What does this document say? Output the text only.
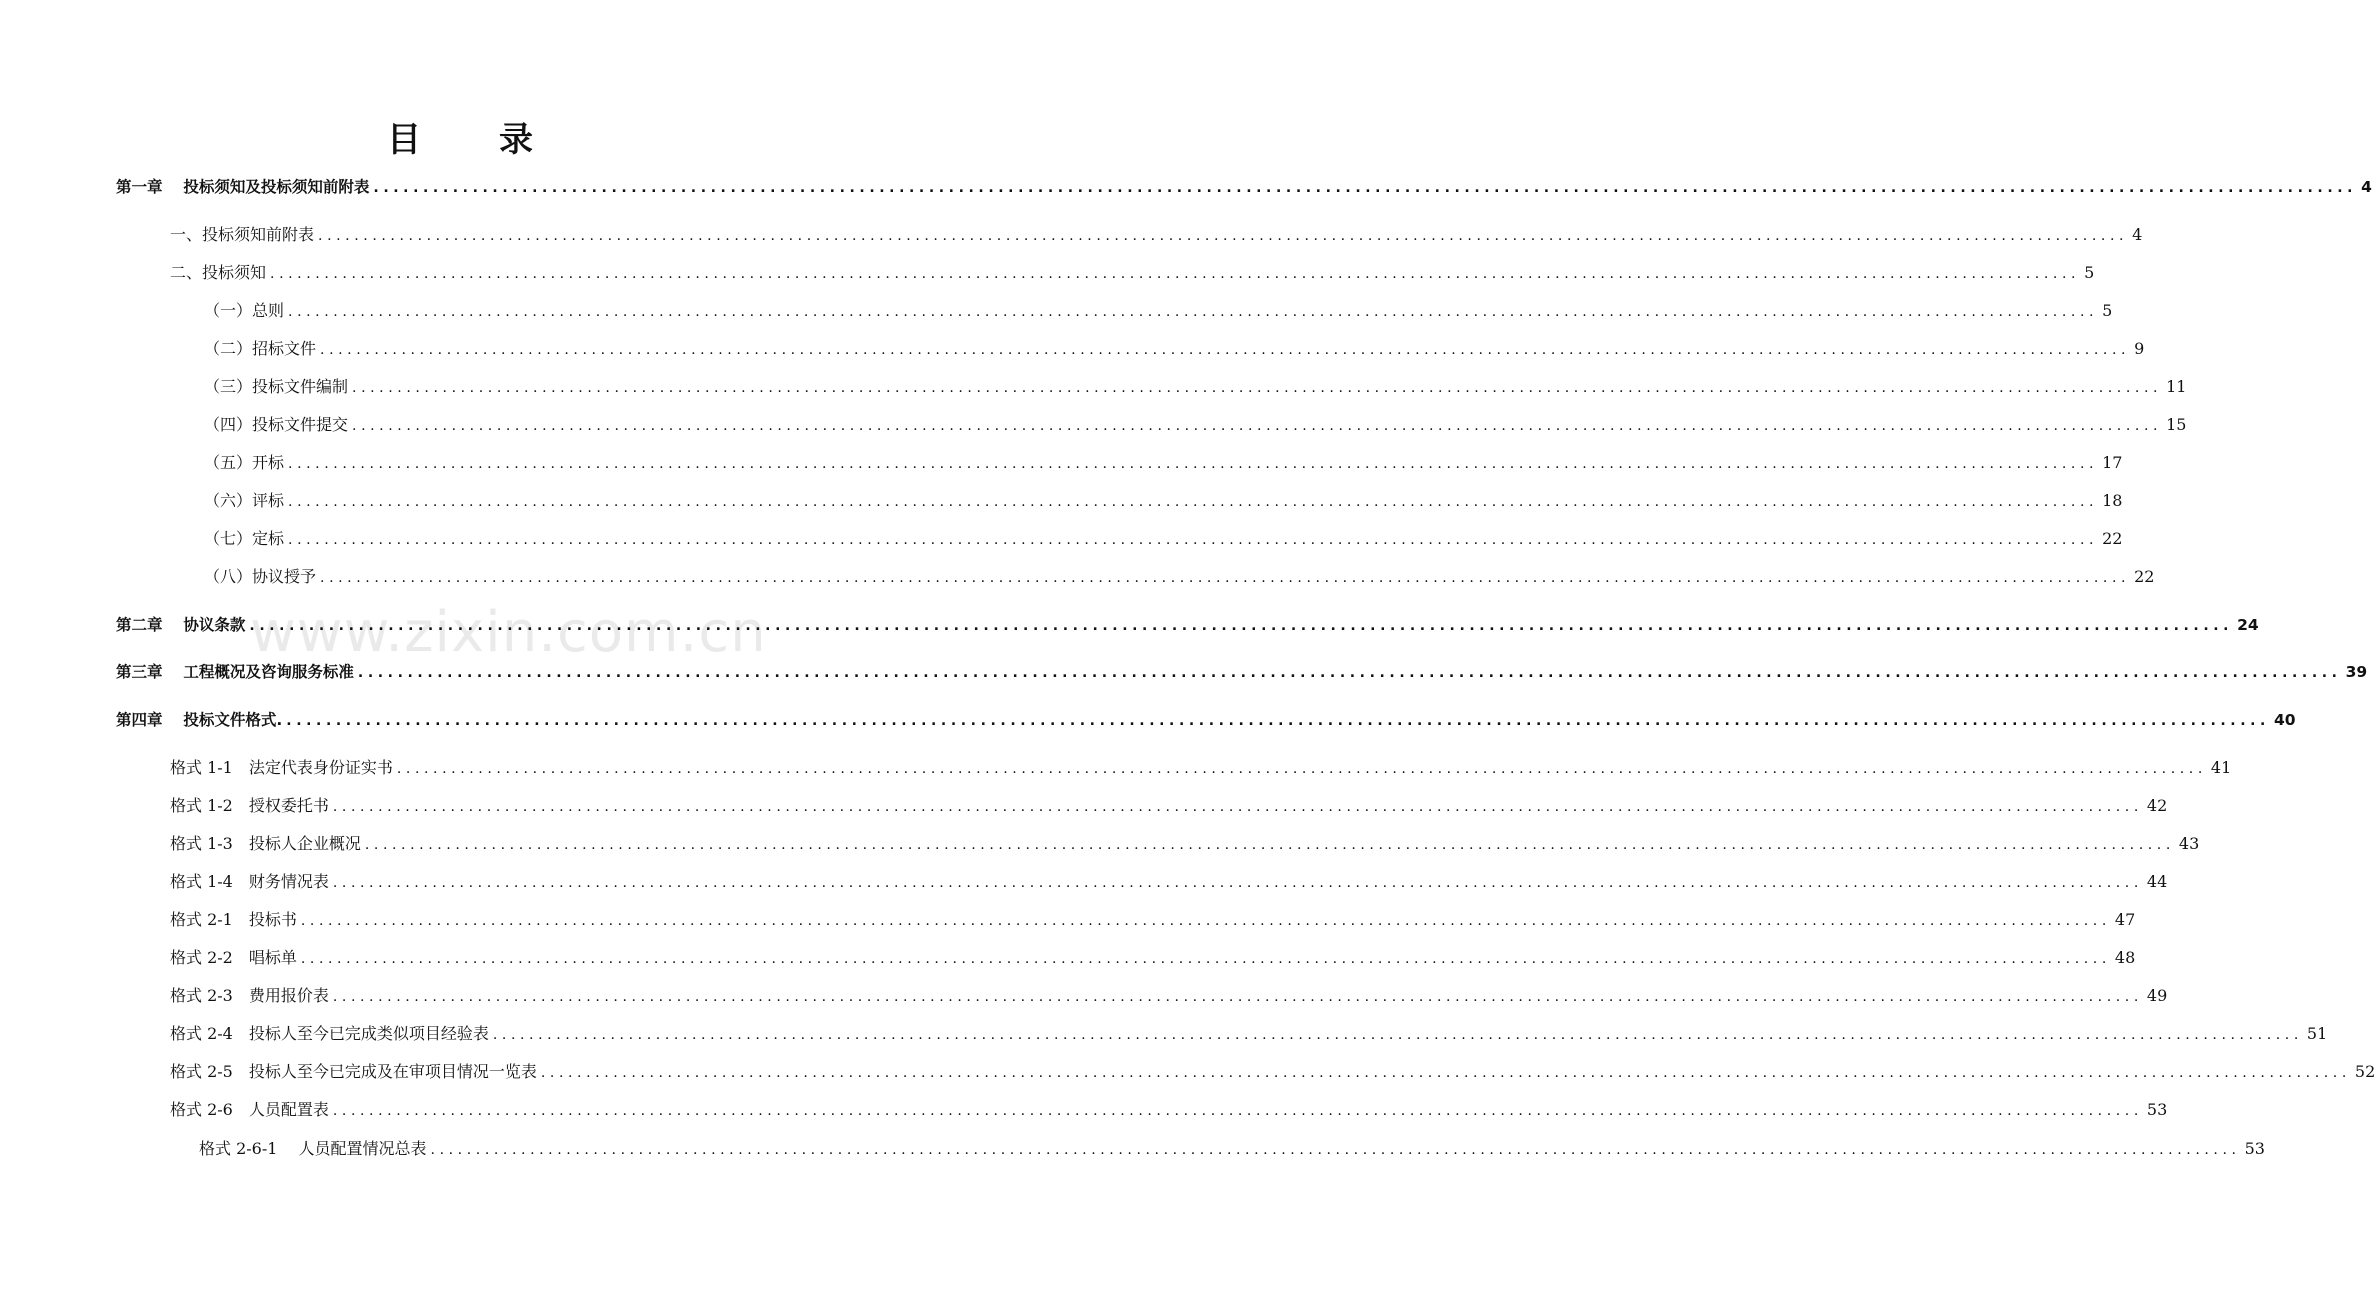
目 录
www.zixin.com.cn
第一章　 投标须知及投标须知前附表 ........................................................................................................................................................................................................ 4
一、投标须知前附表 ........................................................................................................................................................................................................ 4
二、投标须知 ........................................................................................................................................................................................................ 5
（一）总则 ........................................................................................................................................................................................................ 5
（二）招标文件 ........................................................................................................................................................................................................ 9
（三）投标文件编制 ........................................................................................................................................................................................................ 11
（四）投标文件提交 ........................................................................................................................................................................................................ 15
（五）开标 ........................................................................................................................................................................................................ 17
（六）评标 ........................................................................................................................................................................................................ 18
（七）定标 ........................................................................................................................................................................................................ 22
（八）协议授予 ........................................................................................................................................................................................................ 22
第二章　 协议条款 ........................................................................................................................................................................................................ 24
第三章　 工程概况及咨询服务标准 ........................................................................................................................................................................................................ 39
第四章　 投标文件格式. ........................................................................................................................................................................................................ 40
格式 1-1　法定代表身份证实书 ........................................................................................................................................................................................................ 41
格式 1-2　授权委托书 ........................................................................................................................................................................................................ 42
格式 1-3　投标人企业概况 ........................................................................................................................................................................................................ 43
格式 1-4　财务情况表 ........................................................................................................................................................................................................ 44
格式 2-1　投标书 ........................................................................................................................................................................................................ 47
格式 2-2　唱标单 ........................................................................................................................................................................................................ 48
格式 2-3　费用报价表 ........................................................................................................................................................................................................ 49
格式 2-4　投标人至今已完成类似项目经验表 ........................................................................................................................................................................................................ 51
格式 2-5　投标人至今已完成及在审项目情况一览表 ........................................................................................................................................................................................................ 52
格式 2-6　人员配置表 ........................................................................................................................................................................................................ 53
格式 2-6-1　 人员配置情况总表 ........................................................................................................................................................................................................ 53
